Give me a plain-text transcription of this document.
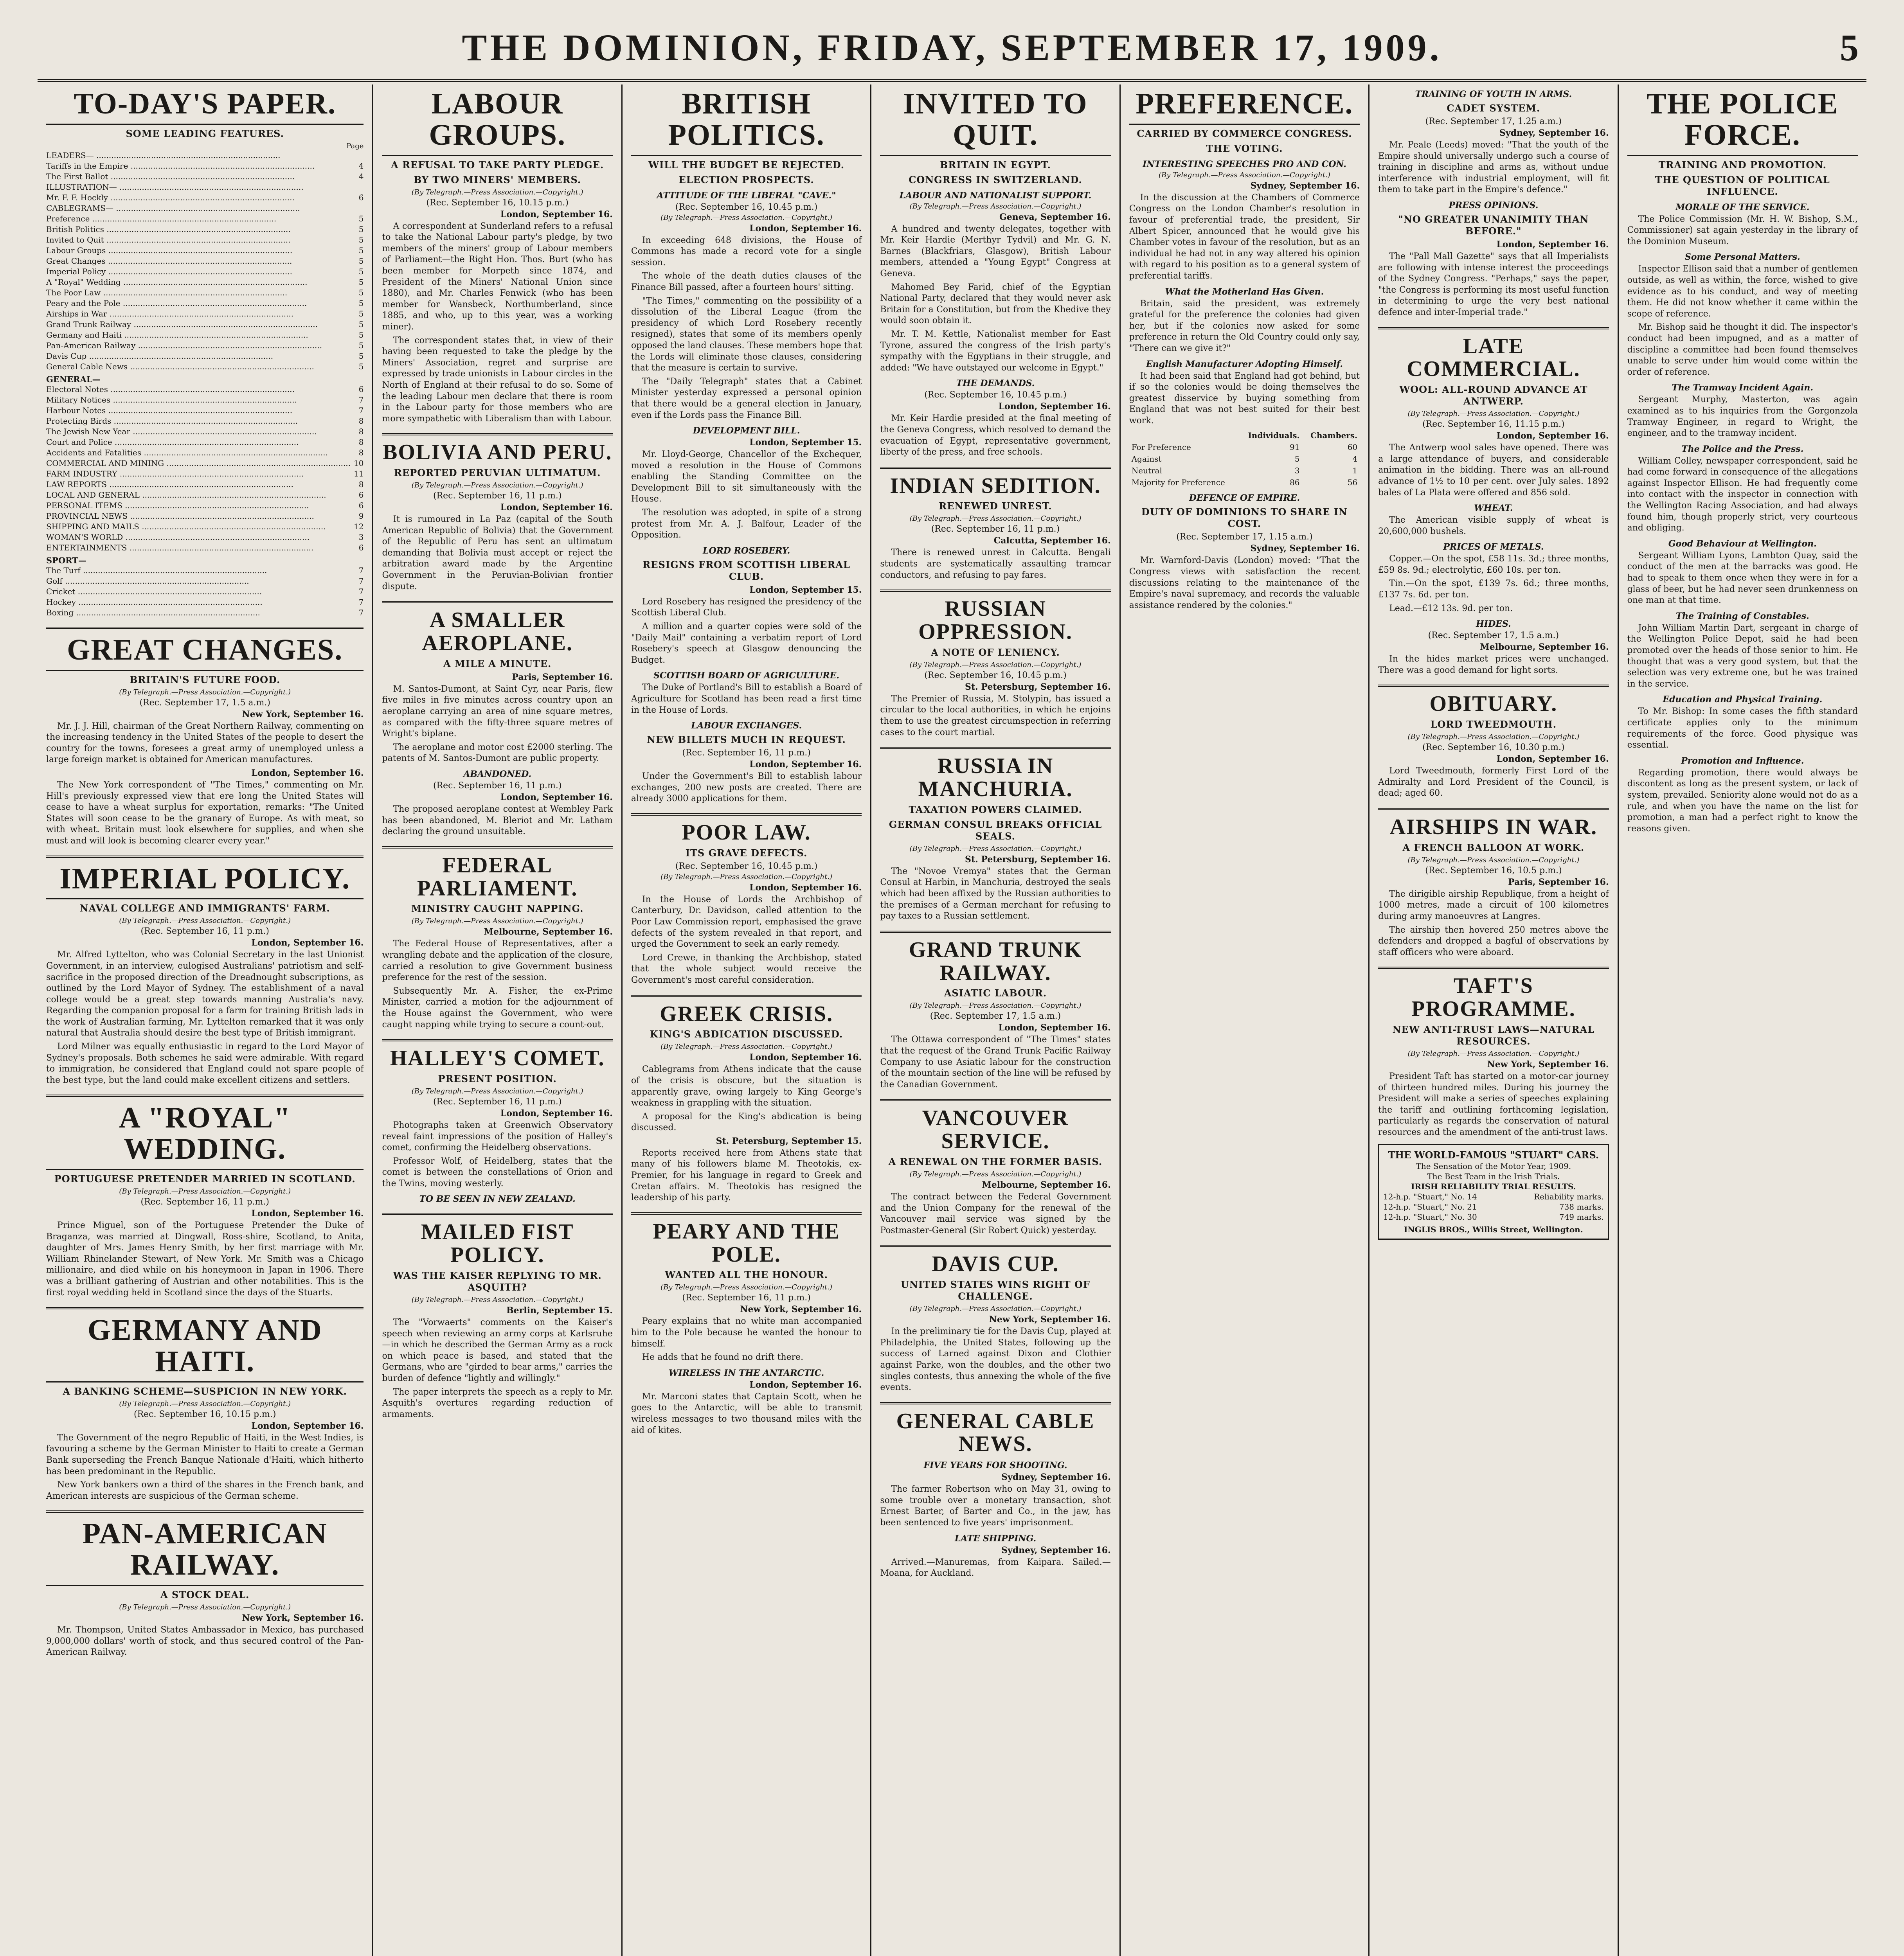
THE DOMINION, FRIDAY, SEPTEMBER 17, 1909.	5
TO-DAY'S PAPER.
SOME LEADING FEATURES.
Page
LEADERS— .....
Tariffs in the Empire .....	4
The First Ballot .....	4
ILLUSTRATION— .....
Mr. F. F. Hockly .....	6
CABLEGRAMS— .....
Preference .....	5
British Politics .....	5
Invited to Quit .....	5
Labour Groups .....	5
Great Changes .....	5
Imperial Policy .....	5
A "Royal" Wedding .....	5
The Poor Law .....	5
Peary and the Pole .....	5
Airships in War .....	5
Grand Trunk Railway .....	5
Germany and Haiti .....	5
Pan-American Railway .....	5
Davis Cup .....	5
General Cable News .....	5
GENERAL—
Electoral Notes .....	6
Military Notices .....	7
Harbour Notes .....	7
Protecting Birds .....	8
The Jewish New Year .....	8
Court and Police .....	8
Accidents and Fatalities .....	8
COMMERCIAL AND MINING .....	10
FARM INDUSTRY .....	11
LAW REPORTS .....	8
LOCAL AND GENERAL .....	6
PERSONAL ITEMS .....	6
PROVINCIAL NEWS .....	9
SHIPPING AND MAILS .....	12
WOMAN'S WORLD .....	3
ENTERTAINMENTS .....	6
SPORT—
The Turf .....	7
Golf .....	7
Cricket .....	7
Hockey .....	7
Boxing .....	7
GREAT CHANGES.
BRITAIN'S FUTURE FOOD.
(By Telegraph.—Press Association.—Copyright.)
(Rec. September 17, 1.5 a.m.)
New York, September 16.

Mr. J. J. Hill, chairman of the Great Northern Railway, commenting on the increasing tendency in the United States of the people to desert the country for the towns, foresees a great army of unemployed unless a large foreign market is obtained for American manufactures.

London, September 16.

The New York correspondent of "The Times," commenting on Mr. Hill's previously expressed view that ere long the United States will cease to have a wheat surplus for exportation, remarks: "The United States will soon cease to be the granary of Europe. As with meat, so with wheat. Britain must look elsewhere for supplies, and when she must and will look is becoming clearer every year."

IMPERIAL POLICY.
NAVAL COLLEGE AND IMMIGRANTS' FARM.
(By Telegraph.—Press Association.—Copyright.)
(Rec. September 16, 11 p.m.)
London, September 16.

Mr. Alfred Lyttelton, who was Colonial Secretary in the last Unionist Government, in an interview, eulogised Australians' patriotism and self-sacrifice in the proposed direction of the Dreadnought subscriptions, as outlined by the Lord Mayor of Sydney. The establishment of a naval college would be a great step towards manning Australia's navy. Regarding the companion proposal for a farm for training British lads in the work of Australian farming, Mr. Lyttelton remarked that it was only natural that Australia should desire the best type of British immigrant.

Lord Milner was equally enthusiastic in regard to the Lord Mayor of Sydney's proposals. Both schemes he said were admirable. With regard to immigration, he considered that England could not spare people of the best type, but the land could make excellent citizens and settlers.

A "ROYAL" WEDDING.
PORTUGUESE PRETENDER MARRIED IN SCOTLAND.
(By Telegraph.—Press Association.—Copyright.)
(Rec. September 16, 11 p.m.)
London, September 16.

Prince Miguel, son of the Portuguese Pretender the Duke of Braganza, was married at Dingwall, Ross-shire, Scotland, to Anita, daughter of Mrs. James Henry Smith, by her first marriage with Mr. William Rhinelander Stewart, of New York. Mr. Smith was a Chicago millionaire, and died while on his honeymoon in Japan in 1906. There was a brilliant gathering of Austrian and other notabilities. This is the first royal wedding held in Scotland since the days of the Stuarts.

GERMANY AND HAITI.
A BANKING SCHEME—SUSPICION IN NEW YORK.
(By Telegraph.—Press Association.—Copyright.)
(Rec. September 16, 10.15 p.m.)
London, September 16.

The Government of the negro Republic of Haiti, in the West Indies, is favouring a scheme by the German Minister to Haiti to create a German Bank superseding the French Banque Nationale d'Haiti, which hitherto has been predominant in the Republic.

New York bankers own a third of the shares in the French bank, and American interests are suspicious of the German scheme.

PAN-AMERICAN RAILWAY.
A STOCK DEAL.
(By Telegraph.—Press Association.—Copyright.)
New York, September 16.

Mr. Thompson, United States Ambassador in Mexico, has purchased 9,000,000 dollars' worth of stock, and thus secured control of the Pan-American Railway.

LABOUR GROUPS.
A REFUSAL TO TAKE PARTY PLEDGE.
BY TWO MINERS' MEMBERS.
(By Telegraph.—Press Association.—Copyright.)
(Rec. September 16, 10.15 p.m.)
London, September 16.

A correspondent at Sunderland refers to a refusal to take the National Labour party's pledge, by two members of the miners' group of Labour members of Parliament—the Right Hon. Thos. Burt (who has been member for Morpeth since 1874, and President of the Miners' National Union since 1880), and Mr. Charles Fenwick (who has been member for Wansbeck, Northumberland, since 1885, and who, up to this year, was a working miner).

The correspondent states that, in view of their having been requested to take the pledge by the Miners' Association, regret and surprise are expressed by trade unionists in Labour circles in the North of England at their refusal to do so. Some of the leading Labour men declare that there is room in the Labour party for those members who are more sympathetic with Liberalism than with Labour.

BOLIVIA AND PERU.
REPORTED PERUVIAN ULTIMATUM.
(By Telegraph.—Press Association.—Copyright.)
(Rec. September 16, 11 p.m.)
London, September 16.

It is rumoured in La Paz (capital of the South American Republic of Bolivia) that the Government of the Republic of Peru has sent an ultimatum demanding that Bolivia must accept or reject the arbitration award made by the Argentine Government in the Peruvian-Bolivian frontier dispute.

A SMALLER AEROPLANE.
A MILE A MINUTE.
Paris, September 16.

M. Santos-Dumont, at Saint Cyr, near Paris, flew five miles in five minutes across country upon an aeroplane carrying an area of nine square metres, as compared with the fifty-three square metres of Wright's biplane.

The aeroplane and motor cost £2000 sterling. The patents of M. Santos-Dumont are public property.

ABANDONED.
(Rec. September 16, 11 p.m.)
London, September 16.

The proposed aeroplane contest at Wembley Park has been abandoned, M. Bleriot and Mr. Latham declaring the ground unsuitable.

FEDERAL PARLIAMENT.
MINISTRY CAUGHT NAPPING.
(By Telegraph.—Press Association.—Copyright.)
Melbourne, September 16.

The Federal House of Representatives, after a wrangling debate and the application of the closure, carried a resolution to give Government business preference for the rest of the session.

Subsequently Mr. A. Fisher, the ex-Prime Minister, carried a motion for the adjournment of the House against the Government, who were caught napping while trying to secure a count-out.

HALLEY'S COMET.
PRESENT POSITION.
(By Telegraph.—Press Association.—Copyright.)
(Rec. September 16, 11 p.m.)
London, September 16.

Photographs taken at Greenwich Observatory reveal faint impressions of the position of Halley's comet, confirming the Heidelberg observations.

Professor Wolf, of Heidelberg, states that the comet is between the constellations of Orion and the Twins, moving westerly.

TO BE SEEN IN NEW ZEALAND.
MAILED FIST POLICY.
WAS THE KAISER REPLYING TO MR. ASQUITH?
(By Telegraph.—Press Association.—Copyright.)
Berlin, September 15.

The "Vorwaerts" comments on the Kaiser's speech when reviewing an army corps at Karlsruhe—in which he described the German Army as a rock on which peace is based, and stated that the Germans, who are "girded to bear arms," carries the burden of defence "lightly and willingly."

The paper interprets the speech as a reply to Mr. Asquith's overtures regarding reduction of armaments.

BRITISH POLITICS.
WILL THE BUDGET BE REJECTED.
ELECTION PROSPECTS.
ATTITUDE OF THE LIBERAL "CAVE."
(Rec. September 16, 10.45 p.m.)
(By Telegraph.—Press Association.—Copyright.)
London, September 16.

In exceeding 648 divisions, the House of Commons has made a record vote for a single session.

The whole of the death duties clauses of the Finance Bill passed, after a fourteen hours' sitting.

"The Times," commenting on the possibility of a dissolution of the Liberal League (from the presidency of which Lord Rosebery recently resigned), states that some of its members openly opposed the land clauses. These members hope that the Lords will eliminate those clauses, considering that the measure is certain to survive.

The "Daily Telegraph" states that a Cabinet Minister yesterday expressed a personal opinion that there would be a general election in January, even if the Lords pass the Finance Bill.

DEVELOPMENT BILL.
London, September 15.

Mr. Lloyd-George, Chancellor of the Exchequer, moved a resolution in the House of Commons enabling the Standing Committee on the Development Bill to sit simultaneously with the House.

The resolution was adopted, in spite of a strong protest from Mr. A. J. Balfour, Leader of the Opposition.

LORD ROSEBERY.
RESIGNS FROM SCOTTISH LIBERAL CLUB.
London, September 15.

Lord Rosebery has resigned the presidency of the Scottish Liberal Club.

A million and a quarter copies were sold of the "Daily Mail" containing a verbatim report of Lord Rosebery's speech at Glasgow denouncing the Budget.

SCOTTISH BOARD OF AGRICULTURE.

The Duke of Portland's Bill to establish a Board of Agriculture for Scotland has been read a first time in the House of Lords.

LABOUR EXCHANGES.
NEW BILLETS MUCH IN REQUEST.
(Rec. September 16, 11 p.m.)
London, September 16.

Under the Government's Bill to establish labour exchanges, 200 new posts are created. There are already 3000 applications for them.

POOR LAW.
ITS GRAVE DEFECTS.
(Rec. September 16, 10.45 p.m.)
(By Telegraph.—Press Association.—Copyright.)
London, September 16.

In the House of Lords the Archbishop of Canterbury, Dr. Davidson, called attention to the Poor Law Commission report, emphasised the grave defects of the system revealed in that report, and urged the Government to seek an early remedy.

Lord Crewe, in thanking the Archbishop, stated that the whole subject would receive the Government's most careful consideration.

GREEK CRISIS.
KING'S ABDICATION DISCUSSED.
(By Telegraph.—Press Association.—Copyright.)
London, September 16.

Cablegrams from Athens indicate that the cause of the crisis is obscure, but the situation is apparently grave, owing largely to King George's weakness in grappling with the situation.

A proposal for the King's abdication is being discussed.

St. Petersburg, September 15.

Reports received here from Athens state that many of his followers blame M. Theotokis, ex-Premier, for his language in regard to Greek and Cretan affairs. M. Theotokis has resigned the leadership of his party.

PEARY AND THE POLE.
WANTED ALL THE HONOUR.
(By Telegraph.—Press Association.—Copyright.)
(Rec. September 16, 11 p.m.)
New York, September 16.

Peary explains that no white man accompanied him to the Pole because he wanted the honour to himself.

He adds that he found no drift there.

WIRELESS IN THE ANTARCTIC.
London, September 16.

Mr. Marconi states that Captain Scott, when he goes to the Antarctic, will be able to transmit wireless messages to two thousand miles with the aid of kites.

INVITED TO QUIT.
BRITAIN IN EGYPT.
CONGRESS IN SWITZERLAND.
LABOUR AND NATIONALIST SUPPORT.
(By Telegraph.—Press Association.—Copyright.)
Geneva, September 16.

A hundred and twenty delegates, together with Mr. Keir Hardie (Merthyr Tydvil) and Mr. G. N. Barnes (Blackfriars, Glasgow), British Labour members, attended a "Young Egypt" Congress at Geneva.

Mahomed Bey Farid, chief of the Egyptian National Party, declared that they would never ask Britain for a Constitution, but from the Khedive they would soon obtain it.

Mr. T. M. Kettle, Nationalist member for East Tyrone, assured the congress of the Irish party's sympathy with the Egyptians in their struggle, and added: "We have outstayed our welcome in Egypt."

THE DEMANDS.
(Rec. September 16, 10.45 p.m.)
London, September 16.

Mr. Keir Hardie presided at the final meeting of the Geneva Congress, which resolved to demand the evacuation of Egypt, representative government, liberty of the press, and free schools.

INDIAN SEDITION.
RENEWED UNREST.
(By Telegraph.—Press Association.—Copyright.)
(Rec. September 16, 11 p.m.)
Calcutta, September 16.

There is renewed unrest in Calcutta. Bengali students are systematically assaulting tramcar conductors, and refusing to pay fares.

RUSSIAN OPPRESSION.
A NOTE OF LENIENCY.
(By Telegraph.—Press Association.—Copyright.)
(Rec. September 16, 10.45 p.m.)
St. Petersburg, September 16.

The Premier of Russia, M. Stolypin, has issued a circular to the local authorities, in which he enjoins them to use the greatest circumspection in referring cases to the court martial.

RUSSIA IN MANCHURIA.
TAXATION POWERS CLAIMED.
GERMAN CONSUL BREAKS OFFICIAL SEALS.
(By Telegraph.—Press Association.—Copyright.)
St. Petersburg, September 16.

The "Novoe Vremya" states that the German Consul at Harbin, in Manchuria, destroyed the seals which had been affixed by the Russian authorities to the premises of a German merchant for refusing to pay taxes to a Russian settlement.

GRAND TRUNK RAILWAY.
ASIATIC LABOUR.
(By Telegraph.—Press Association.—Copyright.)
(Rec. September 17, 1.5 a.m.)
London, September 16.

The Ottawa correspondent of "The Times" states that the request of the Grand Trunk Pacific Railway Company to use Asiatic labour for the construction of the mountain section of the line will be refused by the Canadian Government.

VANCOUVER SERVICE.
A RENEWAL ON THE FORMER BASIS.
(By Telegraph.—Press Association.—Copyright.)
Melbourne, September 16.

The contract between the Federal Government and the Union Company for the renewal of the Vancouver mail service was signed by the Postmaster-General (Sir Robert Quick) yesterday.

DAVIS CUP.
UNITED STATES WINS RIGHT OF CHALLENGE.
(By Telegraph.—Press Association.—Copyright.)
New York, September 16.

In the preliminary tie for the Davis Cup, played at Philadelphia, the United States, following up the success of Larned against Dixon and Clothier against Parke, won the doubles, and the other two singles contests, thus annexing the whole of the five events.

GENERAL CABLE NEWS.
FIVE YEARS FOR SHOOTING.
Sydney, September 16.

The farmer Robertson who on May 31, owing to some trouble over a monetary transaction, shot Ernest Barter, of Barter and Co., in the jaw, has been sentenced to five years' imprisonment.

LATE SHIPPING.
Sydney, September 16.

Arrived.—Manuremas, from Kaipara. Sailed.—Moana, for Auckland.

PREFERENCE.
CARRIED BY COMMERCE CONGRESS.
THE VOTING.
INTERESTING SPEECHES PRO AND CON.
(By Telegraph.—Press Association.—Copyright.)
Sydney, September 16.

In the discussion at the Chambers of Commerce Congress on the London Chamber's resolution in favour of preferential trade, the president, Sir Albert Spicer, announced that he would give his Chamber votes in favour of the resolution, but as an individual he had not in any way altered his opinion with regard to his position as to a general system of preferential tariffs.

What the Motherland Has Given.

Britain, said the president, was extremely grateful for the preference the colonies had given her, but if the colonies now asked for some preference in return the Old Country could only say, "There can we give it?"

English Manufacturer Adopting Himself.

It had been said that England had got behind, but if so the colonies would be doing themselves the greatest disservice by buying something from England that was not best suited for their best work.

	Individuals.	Chambers.
For Preference	91	60
Against	5	4
Neutral	3	1
Majority for Preference	86	56
DEFENCE OF EMPIRE.
DUTY OF DOMINIONS TO SHARE IN COST.
(Rec. September 17, 1.15 a.m.)
Sydney, September 16.

Mr. Warnford-Davis (London) moved: "That the Congress views with satisfaction the recent discussions relating to the maintenance of the Empire's naval supremacy, and records the valuable assistance rendered by the colonies."

TRAINING OF YOUTH IN ARMS.
CADET SYSTEM.
(Rec. September 17, 1.25 a.m.)
Sydney, September 16.

Mr. Peale (Leeds) moved: "That the youth of the Empire should universally undergo such a course of training in discipline and arms as, without undue interference with industrial employment, will fit them to take part in the Empire's defence."

PRESS OPINIONS.
"NO GREATER UNANIMITY THAN BEFORE."
London, September 16.

The "Pall Mall Gazette" says that all Imperialists are following with intense interest the proceedings of the Sydney Congress. "Perhaps," says the paper, "the Congress is performing its most useful function in determining to urge the very best national defence and inter-Imperial trade."

LATE COMMERCIAL.
WOOL: ALL-ROUND ADVANCE AT ANTWERP.
(By Telegraph.—Press Association.—Copyright.)
(Rec. September 16, 11.15 p.m.)
London, September 16.

The Antwerp wool sales have opened. There was a large attendance of buyers, and considerable animation in the bidding. There was an all-round advance of 1½ to 10 per cent. over July sales. 1892 bales of La Plata were offered and 856 sold.

WHEAT.

The American visible supply of wheat is 20,600,000 bushels.

PRICES OF METALS.

Copper.—On the spot, £58 11s. 3d.; three months, £59 8s. 9d.; electrolytic, £60 10s. per ton.

Tin.—On the spot, £139 7s. 6d.; three months, £137 7s. 6d. per ton.

Lead.—£12 13s. 9d. per ton.

HIDES.
(Rec. September 17, 1.5 a.m.)
Melbourne, September 16.

In the hides market prices were unchanged. There was a good demand for light sorts.

OBITUARY.
LORD TWEEDMOUTH.
(By Telegraph.—Press Association.—Copyright.)
(Rec. September 16, 10.30 p.m.)
London, September 16.

Lord Tweedmouth, formerly First Lord of the Admiralty and Lord President of the Council, is dead; aged 60.

AIRSHIPS IN WAR.
A FRENCH BALLOON AT WORK.
(By Telegraph.—Press Association.—Copyright.)
(Rec. September 16, 10.5 p.m.)
Paris, September 16.

The dirigible airship Republique, from a height of 1000 metres, made a circuit of 100 kilometres during army manoeuvres at Langres.

The airship then hovered 250 metres above the defenders and dropped a bagful of observations by staff officers who were aboard.

TAFT'S PROGRAMME.
NEW ANTI-TRUST LAWS—NATURAL RESOURCES.
(By Telegraph.—Press Association.—Copyright.)
New York, September 16.

President Taft has started on a motor-car journey of thirteen hundred miles. During his journey the President will make a series of speeches explaining the tariff and outlining forthcoming legislation, particularly as regards the conservation of natural resources and the amendment of the anti-trust laws.

THE WORLD-FAMOUS "STUART" CARS.
The Sensation of the Motor Year, 1909.
The Best Team in the Irish Trials.
IRISH RELIABILITY TRIAL RESULTS.
12-h.p. "Stuart," No. 14	Reliability marks.
12-h.p. "Stuart," No. 21	738 marks.
12-h.p. "Stuart," No. 30	749 marks.
INGLIS BROS., Willis Street, Wellington.
THE POLICE FORCE.
TRAINING AND PROMOTION.
THE QUESTION OF POLITICAL INFLUENCE.
MORALE OF THE SERVICE.

The Police Commission (Mr. H. W. Bishop, S.M., Commissioner) sat again yesterday in the library of the Dominion Museum.

Some Personal Matters.

Inspector Ellison said that a number of gentlemen outside, as well as within, the force, wished to give evidence as to his conduct, and way of meeting them. He did not know whether it came within the scope of reference.

Mr. Bishop said he thought it did. The inspector's conduct had been impugned, and as a matter of discipline a committee had been found themselves unable to serve under him would come within the order of reference.

The Tramway Incident Again.

Sergeant Murphy, Masterton, was again examined as to his inquiries from the Gorgonzola Tramway Engineer, in regard to Wright, the engineer, and to the tramway incident.

The Police and the Press.

William Colley, newspaper correspondent, said he had come forward in consequence of the allegations against Inspector Ellison. He had frequently come into contact with the inspector in connection with the Wellington Racing Association, and had always found him, though properly strict, very courteous and obliging.

Good Behaviour at Wellington.

Sergeant William Lyons, Lambton Quay, said the conduct of the men at the barracks was good. He had to speak to them once when they were in for a glass of beer, but he had never seen drunkenness on one man at that time.

The Training of Constables.

John William Martin Dart, sergeant in charge of the Wellington Police Depot, said he had been promoted over the heads of those senior to him. He thought that was a very good system, but that the selection was very extreme one, but he was trained in the service.

Education and Physical Training.

To Mr. Bishop: In some cases the fifth standard certificate applies only to the minimum requirements of the force. Good physique was essential.

Promotion and Influence.

Regarding promotion, there would always be discontent as long as the present system, or lack of system, prevailed. Seniority alone would not do as a rule, and when you have the name on the list for promotion, a man had a perfect right to know the reasons given.
